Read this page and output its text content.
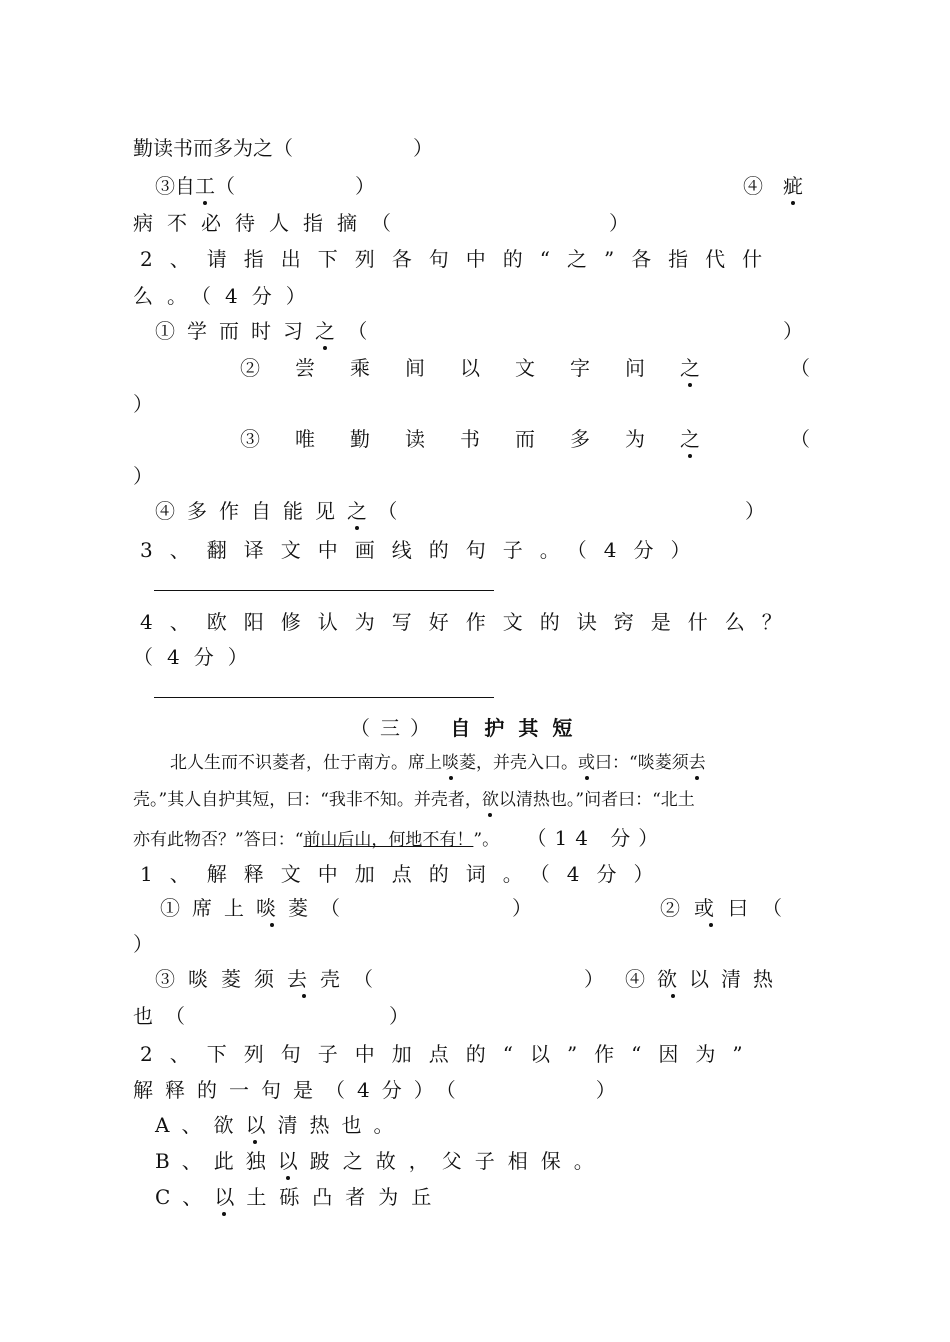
勤读书而多为之（　　　　　　）
③自工（　　　　　　）	④　 疵
病不必待人指摘（　　　　　　）
2、请指出下列各句中的“之”各指代什
么。（4分）
①学而时习之 （	）
②尝乘间以文字问之	（
）
③唯勤读书而多为之	（
）
④多作自能见之 （	）
3、翻译文中画线的句子。（4分）
4、欧阳修认为写好作文的诀窍是什么？
（4分）
（三） 自护其短
北人生而不识菱者，仕于南方。席上啖菱，并壳入口。或曰：“啖菱须去
壳。”其人自护其短，曰：“我非不知。并壳者，欲以清热也。”问者曰：“北土
亦有此物否？”答曰：“前山后山，何地不有！”。 （14 分）
1、解释文中加点的词。（4分）
①席上啖菱（　　　　　）	②或曰（
）
③啖菱须去壳（　　　　　　） ④欲以清热
也（　　　　　　）
2、下列句子中加点的“以”作“因为”
解释的一句是（4分）（　　　　）
A、欲以 清热也。
B、此独以 跛之故，父子相保。
C、以 土砾凸者为丘
